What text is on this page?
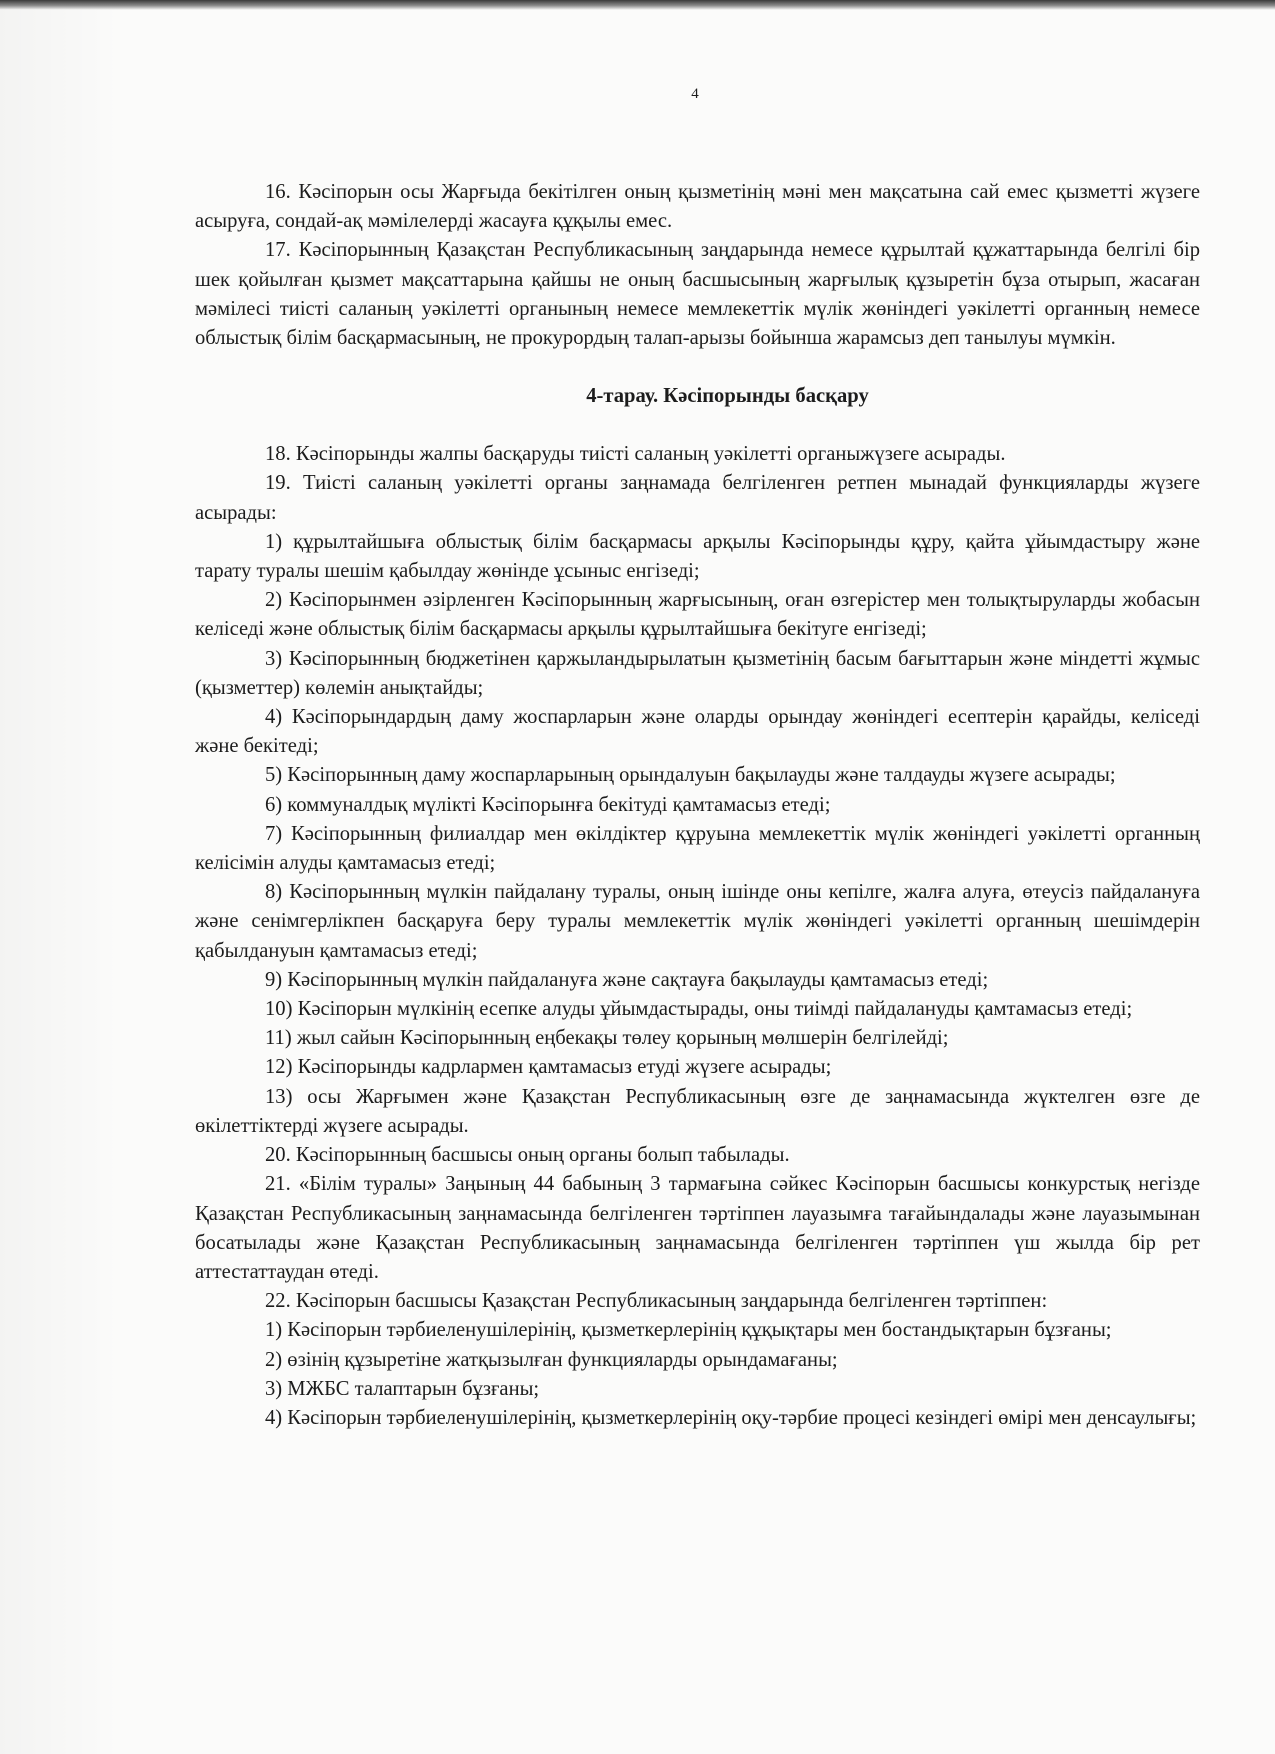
4

16. Кәсіпорын осы Жарғыда бекітілген оның қызметінің мәні мен мақсатына сай емес қызметті жүзеге асыруға, сондай-ақ мәмілелерді жасауға құқылы емес.

17. Кәсіпорынның Қазақстан Республикасының заңдарында немесе құрылтай құжаттарында белгілі бір шек қойылған қызмет мақсаттарына қайшы не оның басшысының жарғылық құзыретін бұза отырып, жасаған мәмілесі тиісті саланың уәкілетті органының немесе мемлекеттік мүлік жөніндегі уәкілетті органның немесе облыстық білім басқармасының, не прокурордың талап-арызы бойынша жарамсыз деп танылуы мүмкін.

4-тарау. Кәсіпорынды басқару

18. Кәсіпорынды жалпы басқаруды тиісті саланың уәкілетті органыжүзеге асырады.

19. Тиісті саланың уәкілетті органы заңнамада белгіленген ретпен мынадай функцияларды жүзеге асырады:

1) құрылтайшыға облыстық білім басқармасы арқылы Кәсіпорынды құру, қайта ұйымдастыру және тарату туралы шешім қабылдау жөнінде ұсыныс енгізеді;

2) Кәсіпорынмен әзірленген Кәсіпорынның жарғысының, оған өзгерістер мен толықтыруларды жобасын келіседі және облыстық білім басқармасы арқылы құрылтайшыға бекітуге енгізеді;

3) Кәсіпорынның бюджетінен қаржыландырылатын қызметінің басым бағыттарын және міндетті жұмыс (қызметтер) көлемін анықтайды;

4) Кәсіпорындардың даму жоспарларын және оларды орындау жөніндегі есептерін қарайды, келіседі және бекітеді;

5) Кәсіпорынның даму жоспарларының орындалуын бақылауды және талдауды жүзеге асырады;

6) коммуналдық мүлікті Кәсіпорынға бекітуді қамтамасыз етеді;

7) Кәсіпорынның филиалдар мен өкілдіктер құруына мемлекеттік мүлік жөніндегі уәкілетті органның келісімін алуды қамтамасыз етеді;

8) Кәсіпорынның мүлкін пайдалану туралы, оның ішінде оны кепілге, жалға алуға, өтеусіз пайдалануға және сенімгерлікпен басқаруға беру туралы мемлекеттік мүлік жөніндегі уәкілетті органның шешімдерін қабылдануын қамтамасыз етеді;

9) Кәсіпорынның мүлкін пайдалануға және сақтауға бақылауды қамтамасыз етеді;

10) Кәсіпорын мүлкінің есепке алуды ұйымдастырады, оны тиімді пайдалануды қамтамасыз етеді;

11) жыл сайын Кәсіпорынның еңбекақы төлеу қорының мөлшерін белгілейді;

12) Кәсіпорынды кадрлармен қамтамасыз етуді жүзеге асырады;

13) осы Жарғымен және Қазақстан Республикасының өзге де заңнамасында жүктелген өзге де өкілеттіктерді жүзеге асырады.

20. Кәсіпорынның басшысы оның органы болып табылады.

21. «Білім туралы» Заңының 44 бабының 3 тармағына сәйкес Кәсіпорын басшысы конкурстық негізде Қазақстан Республикасының заңнамасында белгіленген тәртіппен лауазымға тағайындалады және лауазымынан босатылады және Қазақстан Республикасының заңнамасында белгіленген тәртіппен үш жылда бір рет аттестаттаудан өтеді.

22. Кәсіпорын басшысы Қазақстан Республикасының заңдарында белгіленген тәртіппен:

1) Кәсіпорын тәрбиеленушілерінің, қызметкерлерінің құқықтары мен бостандықтарын бұзғаны;

2) өзінің құзыретіне жатқызылған функцияларды орындамағаны;

3) МЖБС талаптарын бұзғаны;

4) Кәсіпорын тәрбиеленушілерінің, қызметкерлерінің оқу-тәрбие процесі кезіндегі өмірі мен денсаулығы;
